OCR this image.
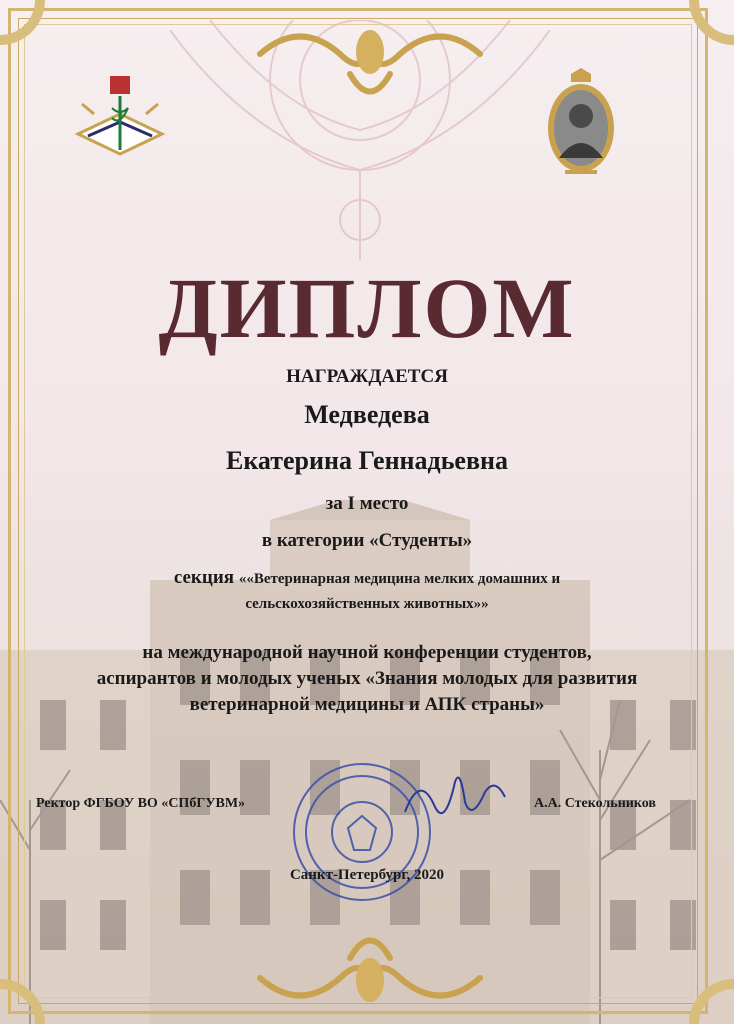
ДИПЛОМ
НАГРАЖДАЕТСЯ
Медведева
Екатерина Геннадьевна
за I место
в категории «Студенты»
секция ««Ветеринарная медицина мелких домашних и
сельскохозяйственных животных»»
на международной научной конференции студентов,
аспирантов и молодых ученых «Знания молодых для развития
ветеринарной медицины и АПК страны»
Ректор ФГБОУ ВО «СПбГУВМ»	А.А. Стекольников
Санкт-Петербург, 2020
